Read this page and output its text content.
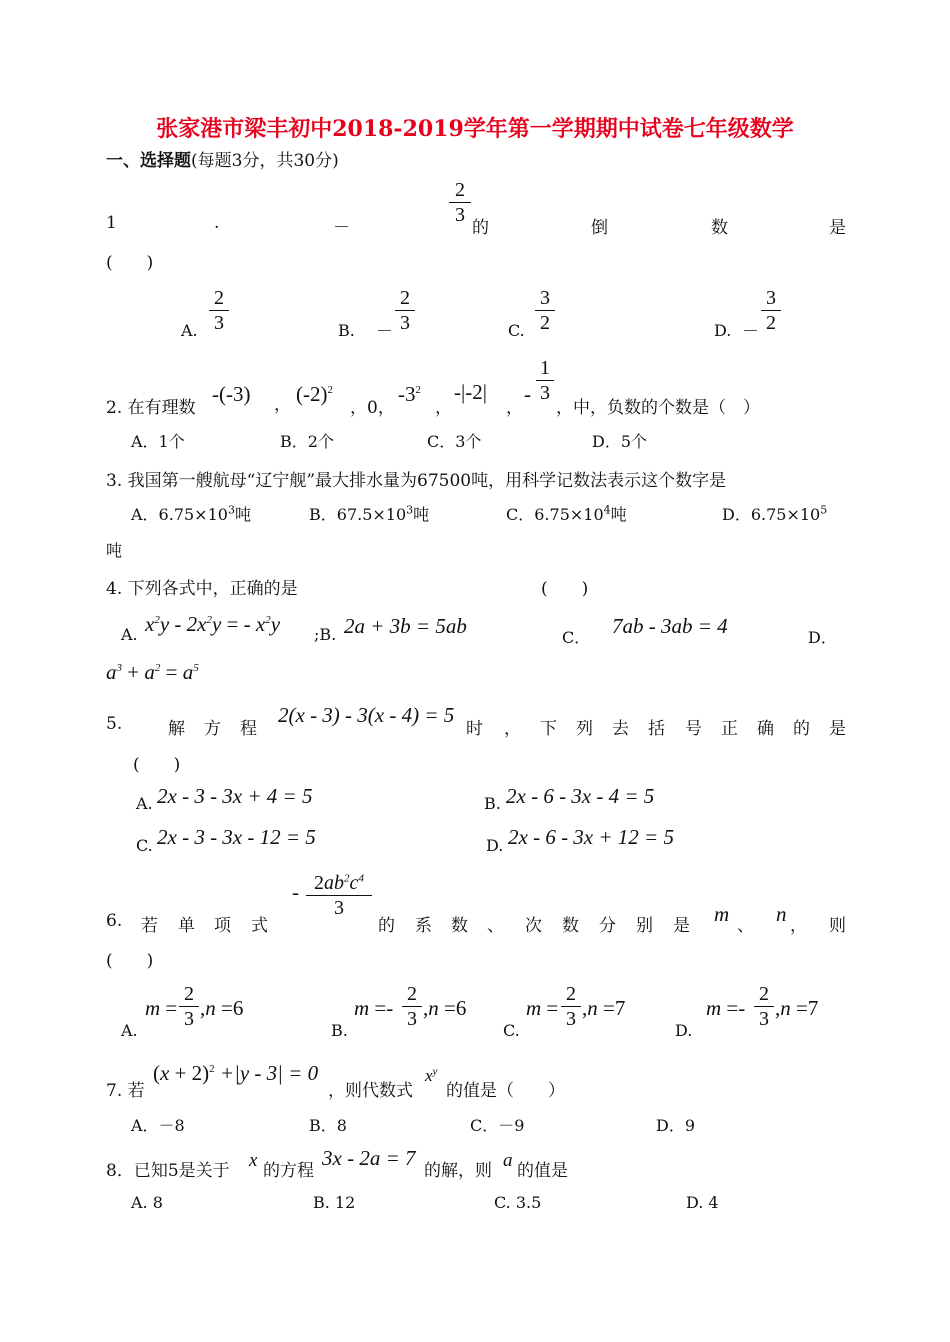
张家港市梁丰初中2018-2019学年第一学期期中试卷七年级数学
一、选择题(每题3分，共30分)
1	.	－
2
3
的	倒	数	是
(　　)
A.
2
3	B. －
2
3	C.
3
2	D. －
3
2
2. 在有理数
-(-3) ， $(-2)^2$
，0，
$-3^2$
，
-|-2|
，
-
1
3
，中，负数的个数是（　）
A．1个	B．2个	C．3个	D．5个
3. 我国第一艘航母“辽宁舰”最大排水量为67500吨，用科学记数法表示这个数字是
A．$6.75\times 10^3$吨	B．$67.5\times 10^3$吨	C．$6.75\times 10^4$吨	D．$6.75\times 10^5$
吨
4. 下列各式中，正确的是	(　　)
A. $x^2y - 2x^2y$ = - $x^2y$ ;B. 2a + 3b = 5ab	C． 7ab - 3ab = 4	D．
$a^3 + a^2 = a^5$
5.	解 方 程
2(x - 3) - 3(x - 4) = 5
时 ， 下 列 去 括 号 正 确 的 是
(　　)
A. 2x - 3 - 3x + 4 = 5	B. 2x - 6 - 3x - 4 = 5
C. 2x - 3 - 3x - 12 = 5	D. 2x - 6 - 3x + 12 = 5
6. 若 单 项 式
- $2ab^2c^4$
3
的 系 数 、 次 数 分 别 是 m 、 n ， 则
(　　)
A.
m =
2
3 ,n =6
B.
m =-
2
3 ,n =6
C.
m =
2
3 ,n =7
D.
m =-
2
3 ,n =7
7. 若
$(x + 2)^2 +|y - 3| = 0$
，则代数式
$x^y$
的值是（　　）
A．－8	B．8	C．－9	D．9
8．已知5是关于 x 的方程
3x - 2a = 7
的解，则 a 的值是
A. 8	B. 12	C. 3.5	D. 4
